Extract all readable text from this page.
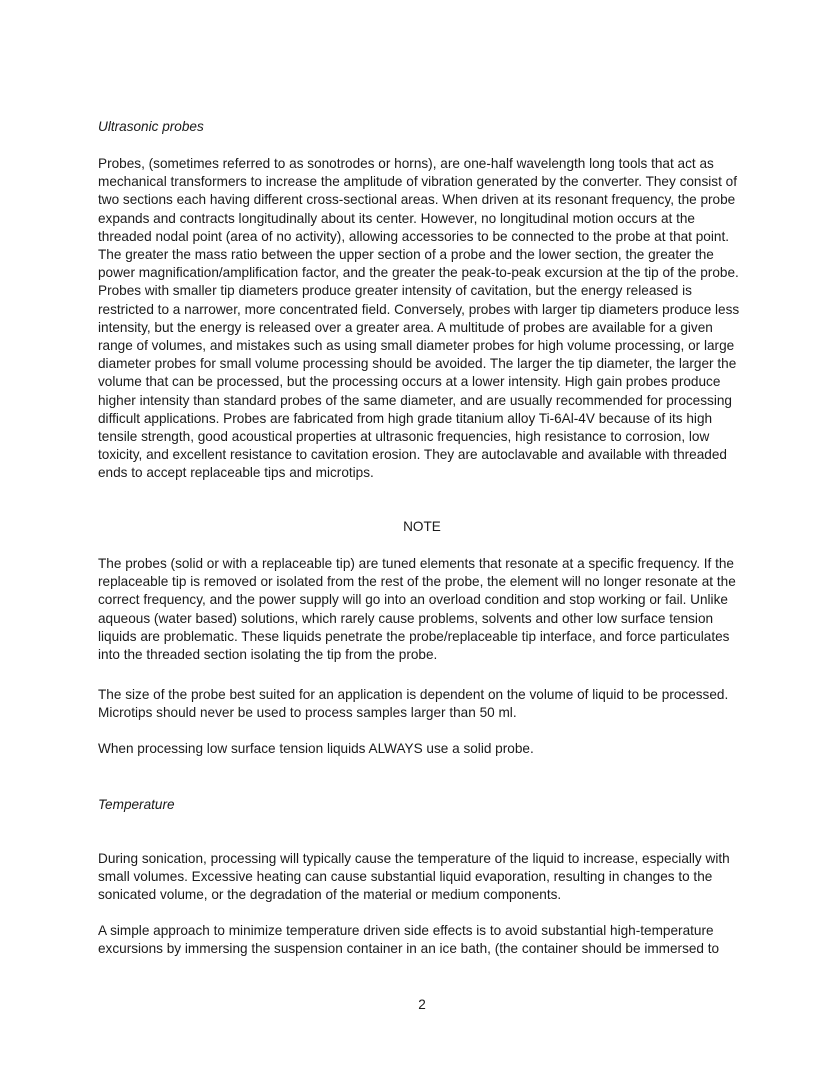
Ultrasonic probes

Probes, (sometimes referred to as sonotrodes or horns), are one-half wavelength long tools that act as mechanical transformers to increase the amplitude of vibration generated by the converter. They consist of two sections each having different cross-sectional areas. When driven at its resonant frequency, the probe expands and contracts longitudinally about its center. However, no longitudinal motion occurs at the threaded nodal point (area of no activity), allowing accessories to be connected to the probe at that point. The greater the mass ratio between the upper section of a probe and the lower section, the greater the power magnification/amplification factor, and the greater the peak-to-peak excursion at the tip of the probe. Probes with smaller tip diameters produce greater intensity of cavitation, but the energy released is restricted to a narrower, more concentrated field. Conversely, probes with larger tip diameters produce less intensity, but the energy is released over a greater area. A multitude of probes are available for a given range of volumes, and mistakes such as using small diameter probes for high volume processing, or large diameter probes for small volume processing should be avoided. The larger the tip diameter, the larger the volume that can be processed, but the processing occurs at a lower intensity. High gain probes produce higher intensity than standard probes of the same diameter, and are usually recommended for processing difficult applications. Probes are fabricated from high grade titanium alloy Ti-6Al-4V because of its high tensile strength, good acoustical properties at ultrasonic frequencies, high resistance to corrosion, low toxicity, and excellent resistance to cavitation erosion. They are autoclavable and available with threaded ends to accept replaceable tips and microtips.

NOTE

The probes (solid or with a replaceable tip) are tuned elements that resonate at a specific frequency. If the replaceable tip is removed or isolated from the rest of the probe, the element will no longer resonate at the correct frequency, and the power supply will go into an overload condition and stop working or fail. Unlike aqueous (water based) solutions, which rarely cause problems, solvents and other low surface tension liquids are problematic. These liquids penetrate the probe/replaceable tip interface, and force particulates into the threaded section isolating the tip from the probe.

The size of the probe best suited for an application is dependent on the volume of liquid to be processed. Microtips should never be used to process samples larger than 50 ml.

When processing low surface tension liquids ALWAYS use a solid probe.

Temperature

During sonication, processing will typically cause the temperature of the liquid to increase, especially with small volumes. Excessive heating can cause substantial liquid evaporation, resulting in changes to the sonicated volume, or the degradation of the material or medium components.

A simple approach to minimize temperature driven side effects is to avoid substantial high-temperature excursions by immersing the suspension container in an ice bath, (the container should be immersed to

2
